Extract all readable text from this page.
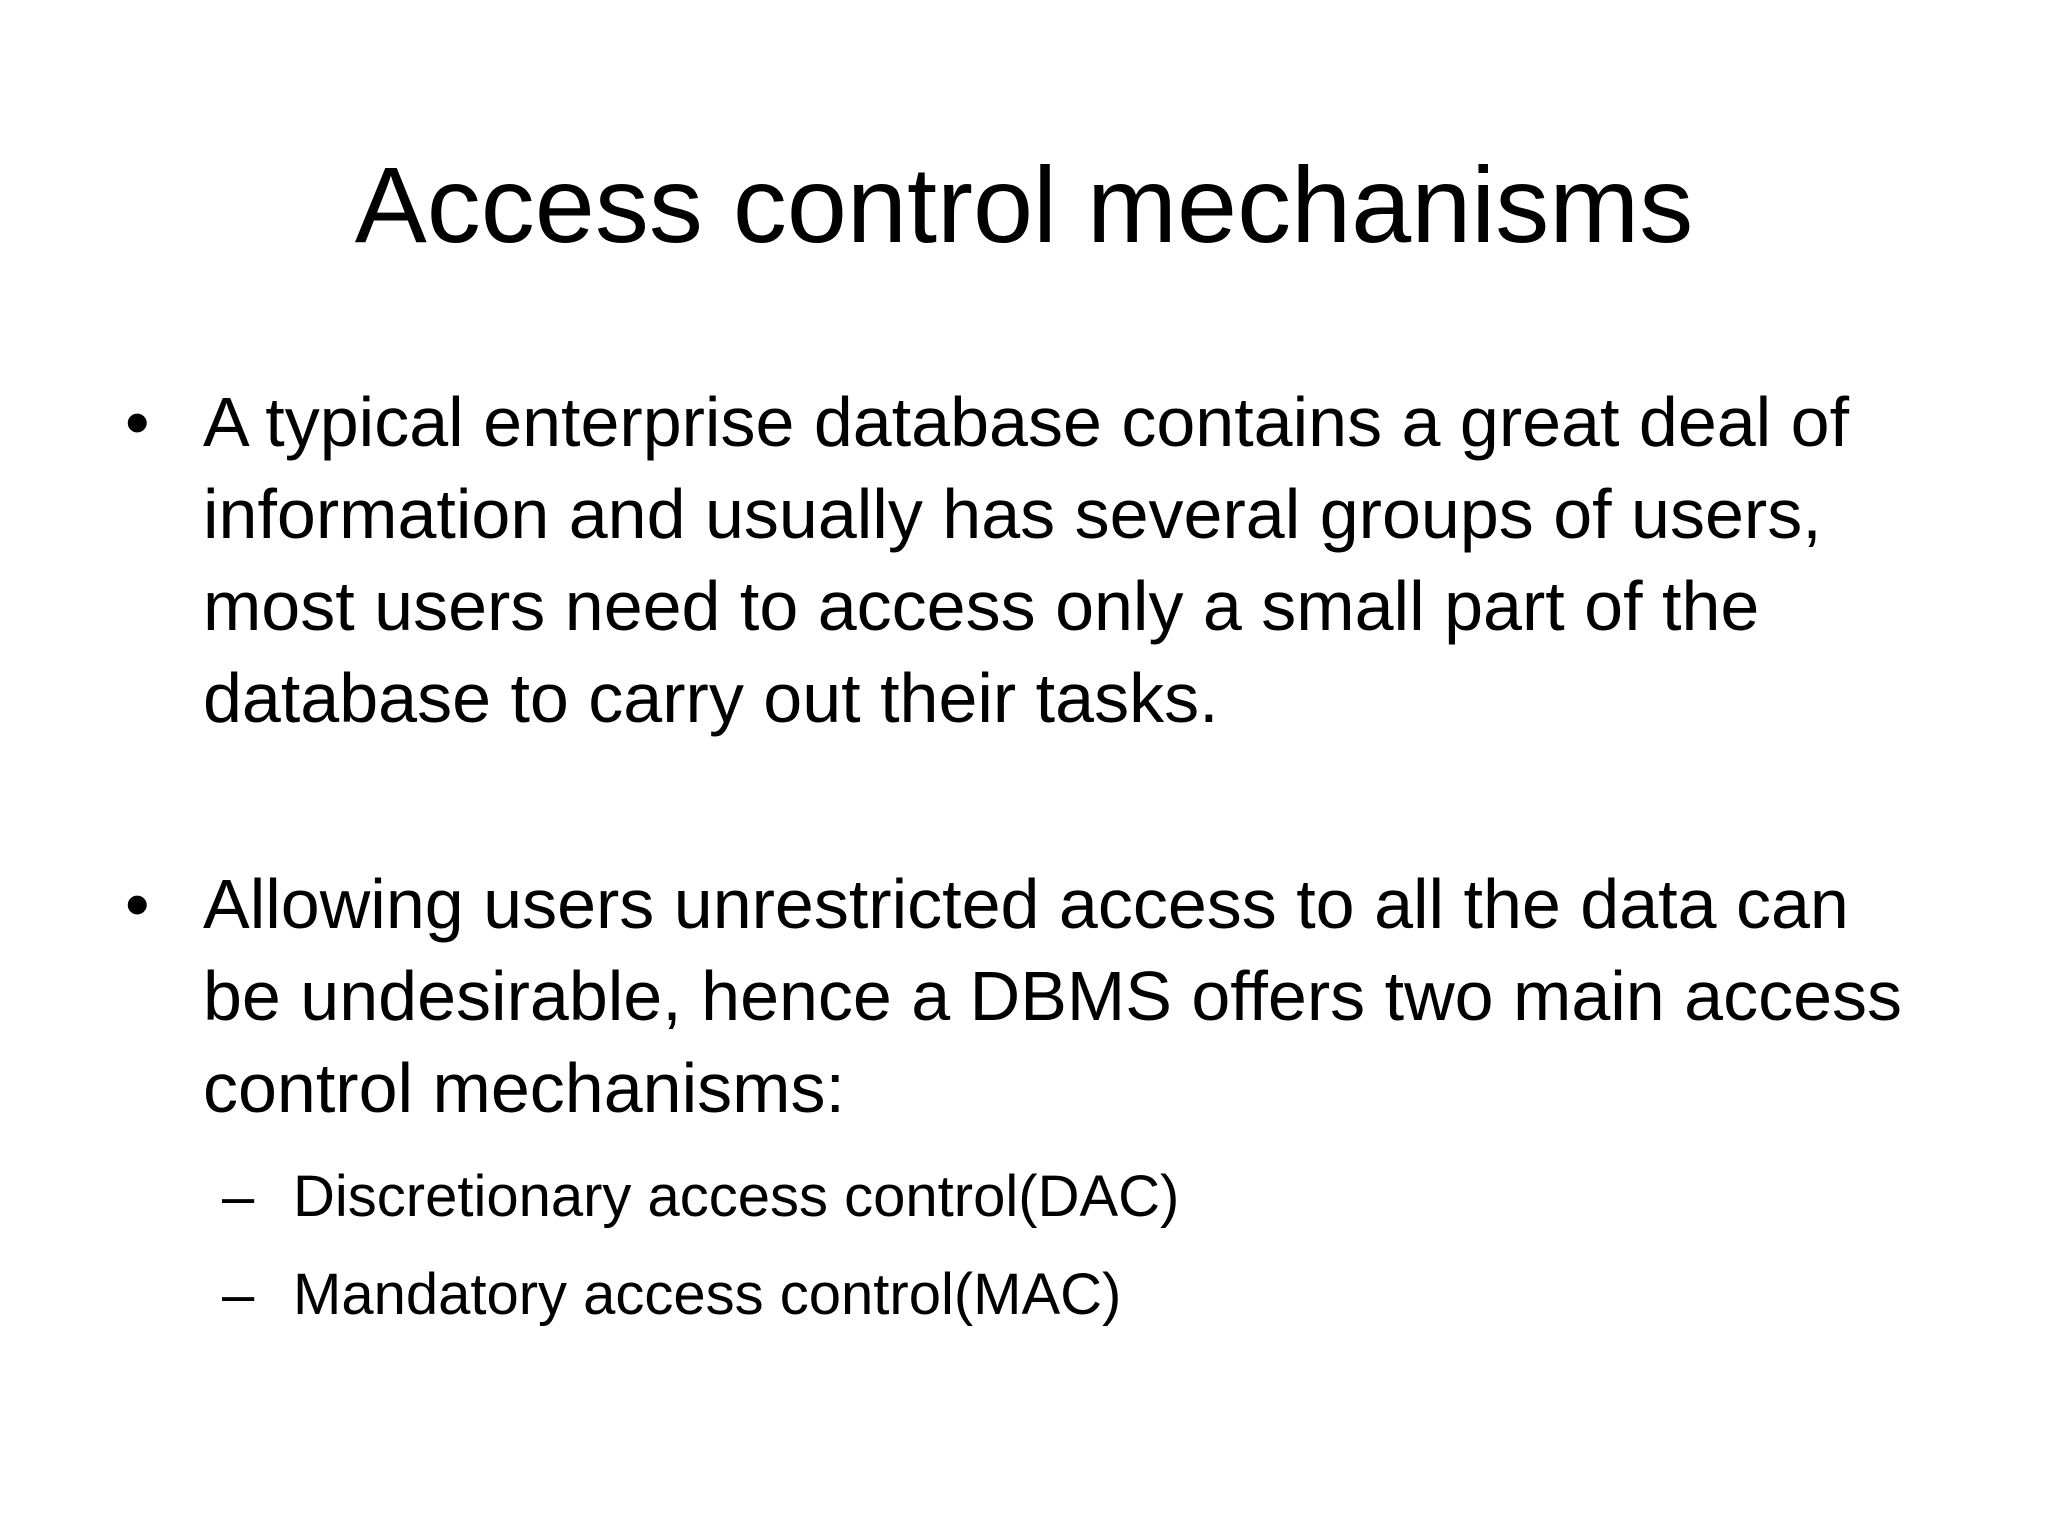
Access control mechanisms
• A typical enterprise database contains a great deal of information and usually has several groups of users, most users need to access only a small part of the database to carry out their tasks.
• Allowing users unrestricted access to all the data can be undesirable, hence a DBMS offers two main access control mechanisms:
– Discretionary access control(DAC)
– Mandatory access control(MAC)
